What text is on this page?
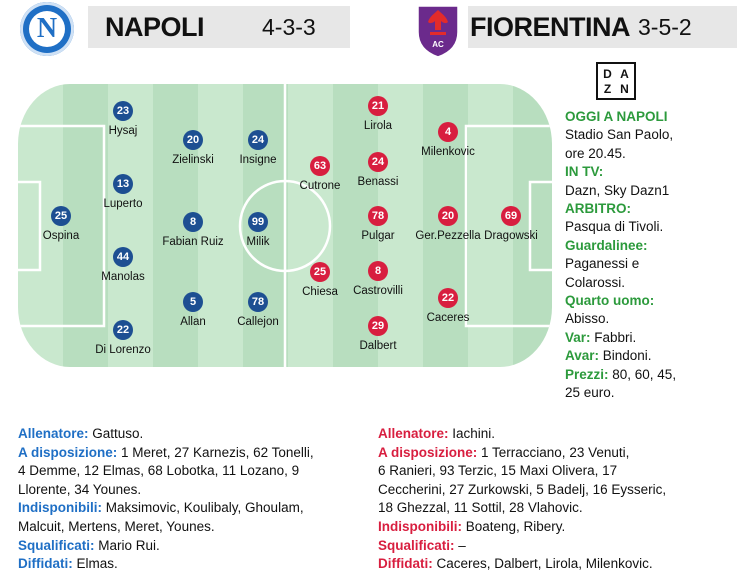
N	NAPOLI	4-3-3
AC
FIORENTINA 3-5-2
25
Ospina
23
Hysaj
13
Luperto
44
Manolas
22
Di Lorenzo
20
Zielinski
8
Fabian Ruiz
5
Allan
24
Insigne
99
Milik
78
Callejon
63
Cutrone
25
Chiesa
21
Lirola
24
Benassi
78
Pulgar
8
Castrovilli
29
Dalbert
4
Milenkovic
20
Ger.Pezzella
22
Caceres
69
Dragowski
D A
Z N
OGGI A NAPOLI
Stadio San Paolo,
ore 20.45.
IN TV:
Dazn, Sky Dazn1
ARBITRO:
Pasqua di Tivoli.
Guardalinee:
Paganessi e
Colarossi.
Quarto uomo:
Abisso.
Var: Fabbri.
Avar: Bindoni.
Prezzi: 80, 60, 45,
25 euro.
Allenatore: Gattuso.
A disposizione: 1 Meret, 27 Karnezis, 62 Tonelli,
4 Demme, 12 Elmas, 68 Lobotka, 11 Lozano, 9
Llorente, 34 Younes.
Indisponibili: Maksimovic, Koulibaly, Ghoulam,
Malcuit, Mertens, Meret, Younes.
Squalificati: Mario Rui.
Diffidati: Elmas.
Allenatore: Iachini.
A disposizione: 1 Terracciano, 23 Venuti,
6 Ranieri, 93 Terzic, 15 Maxi Olivera, 17
Ceccherini, 27 Zurkowski, 5 Badelj, 16 Eysseric,
18 Ghezzal, 11 Sottil, 28 Vlahovic.
Indisponibili: Boateng, Ribery.
Squalificati: –
Diffidati: Caceres, Dalbert, Lirola, Milenkovic.
